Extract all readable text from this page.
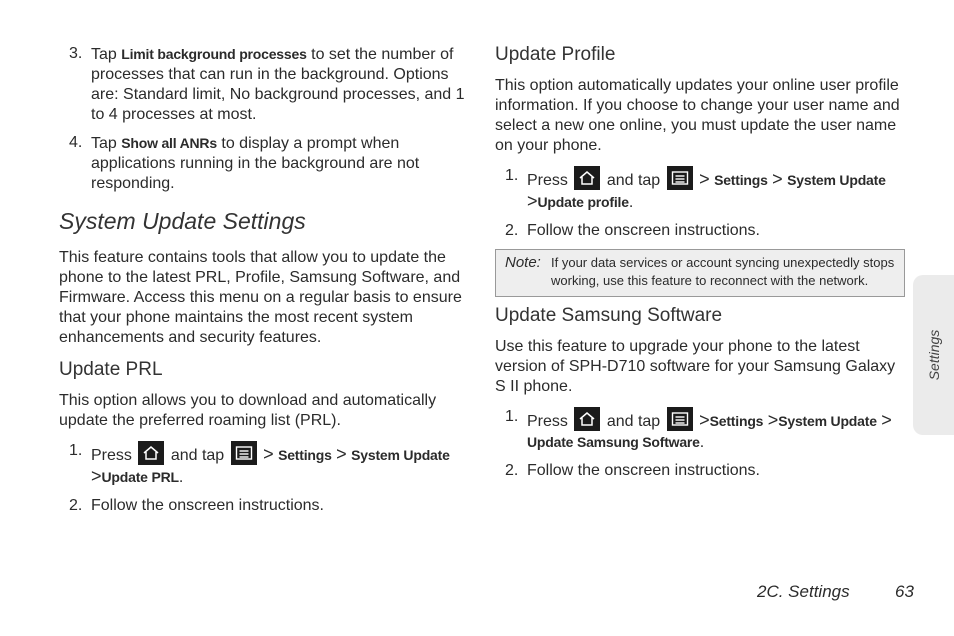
3. Tap Limit background processes to set the number of processes that can run in the background. Options are: Standard limit, No background processes, and 1 to 4 processes at most.
4. Tap Show all ANRs to display a prompt when applications running in the background are not responding.
System Update Settings

This feature contains tools that allow you to update the phone to the latest PRL, Profile, Samsung Software, and Firmware. Access this menu on a regular basis to ensure that your phone maintains the most recent system enhancements and security features.

Update PRL

This option allows you to download and automatically update the preferred roaming list (PRL).

1. Press and tap > Settings > System Update >Update PRL.
2. Follow the onscreen instructions.
Update Profile

This option automatically updates your online user profile information. If you choose to change your user name and select a new one online, you must update the user name on your phone.

1. Press and tap > Settings > System Update >Update profile.
2. Follow the onscreen instructions.
Note: If your data services or account syncing unexpectedly stops working, use this feature to reconnect with the network.
Update Samsung Software

Use this feature to upgrade your phone to the latest version of SPH-D710 software for your Samsung Galaxy S II phone.

1. Press and tap >Settings >System Update > Update Samsung Software.
2. Follow the onscreen instructions.
Settings
2C. Settings	63
